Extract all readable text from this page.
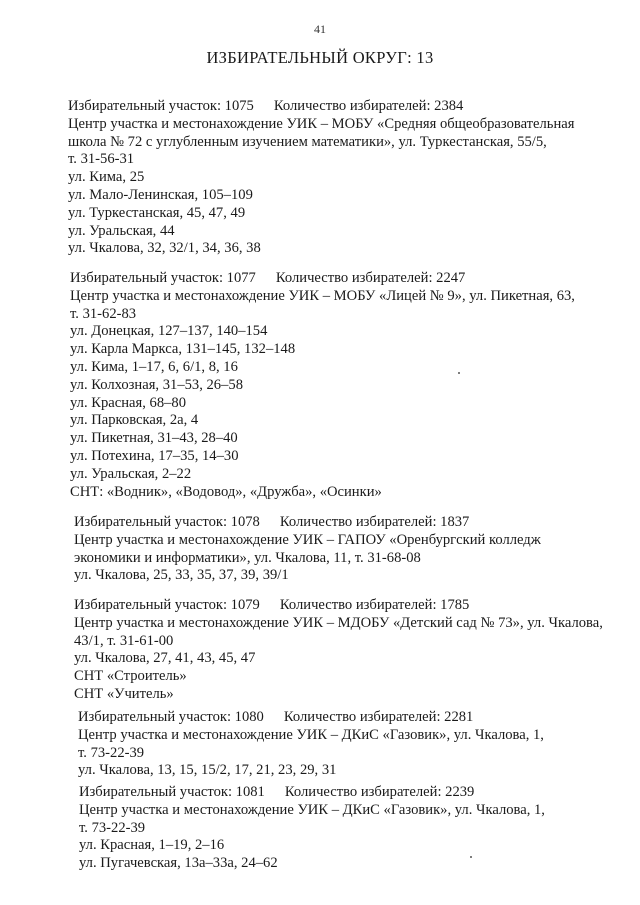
41
ИЗБИРАТЕЛЬНЫЙ ОКРУГ: 13
Избирательный участок: 1075 Количество избирателей: 2384
Центр участка и местонахождение УИК – МОБУ «Средняя общеобразовательная
школа № 72 с углубленным изучением математики», ул. Туркестанская, 55/5,
т. 31-56-31
ул. Кима, 25
ул. Мало-Ленинская, 105–109
ул. Туркестанская, 45, 47, 49
ул. Уральская, 44
ул. Чкалова, 32, 32/1, 34, 36, 38
Избирательный участок: 1077 Количество избирателей: 2247
Центр участка и местонахождение УИК – МОБУ «Лицей № 9», ул. Пикетная, 63,
т. 31-62-83
ул. Донецкая, 127–137, 140–154
ул. Карла Маркса, 131–145, 132–148
ул. Кима, 1–17, 6, 6/1, 8, 16
ул. Колхозная, 31–53, 26–58
ул. Красная, 68–80
ул. Парковская, 2а, 4
ул. Пикетная, 31–43, 28–40
ул. Потехина, 17–35, 14–30
ул. Уральская, 2–22
СНТ: «Водник», «Водовод», «Дружба», «Осинки»
Избирательный участок: 1078 Количество избирателей: 1837
Центр участка и местонахождение УИК – ГАПОУ «Оренбургский колледж
экономики и информатики», ул. Чкалова, 11, т. 31-68-08
ул. Чкалова, 25, 33, 35, 37, 39, 39/1
Избирательный участок: 1079 Количество избирателей: 1785
Центр участка и местонахождение УИК – МДОБУ «Детский сад № 73», ул. Чкалова,
43/1, т. 31-61-00
ул. Чкалова, 27, 41, 43, 45, 47
СНТ «Строитель»
СНТ «Учитель»
Избирательный участок: 1080 Количество избирателей: 2281
Центр участка и местонахождение УИК – ДКиС «Газовик», ул. Чкалова, 1,
т. 73-22-39
ул. Чкалова, 13, 15, 15/2, 17, 21, 23, 29, 31
Избирательный участок: 1081 Количество избирателей: 2239
Центр участка и местонахождение УИК – ДКиС «Газовик», ул. Чкалова, 1,
т. 73-22-39
ул. Красная, 1–19, 2–16
ул. Пугачевская, 13а–33а, 24–62
